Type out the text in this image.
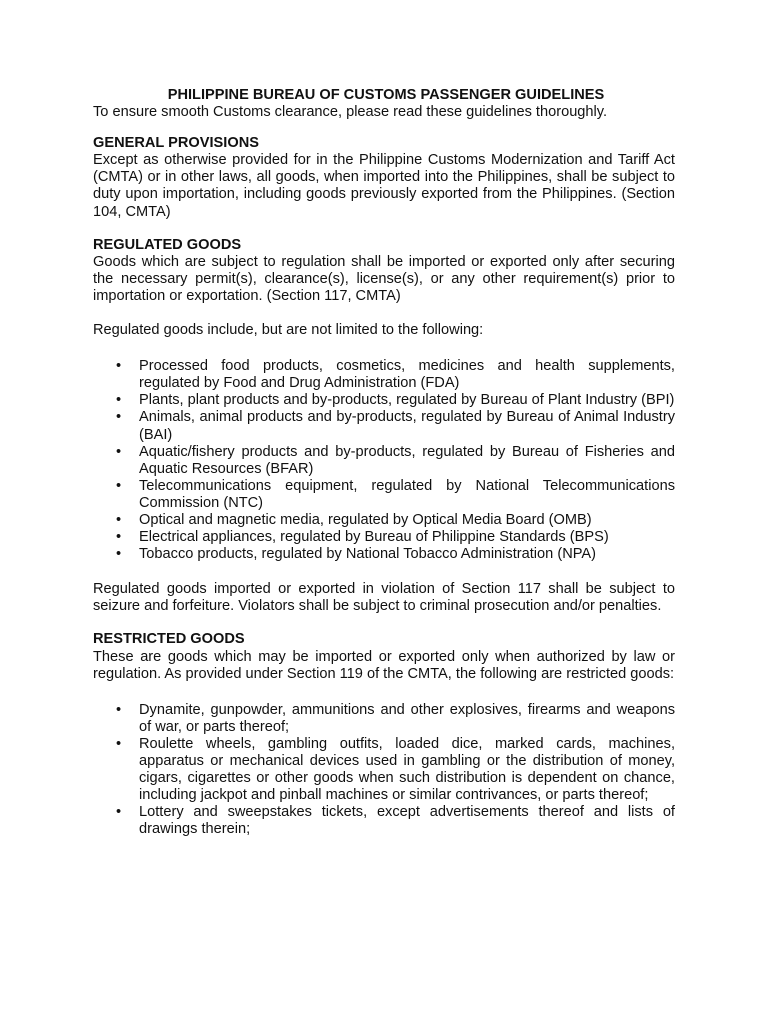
PHILIPPINE BUREAU OF CUSTOMS PASSENGER GUIDELINES

To ensure smooth Customs clearance, please read these guidelines thoroughly.

GENERAL PROVISIONS

Except as otherwise provided for in the Philippine Customs Modernization and Tariff Act (CMTA) or in other laws, all goods, when imported into the Philippines, shall be subject to duty upon importation, including goods previously exported from the Philippines. (Section 104, CMTA)

REGULATED GOODS

Goods which are subject to regulation shall be imported or exported only after securing the necessary permit(s), clearance(s), license(s), or any other requirement(s) prior to importation or exportation. (Section 117, CMTA)

Regulated goods include, but are not limited to the following:

• Processed food products, cosmetics, medicines and health supplements, regulated by Food and Drug Administration (FDA)
• Plants, plant products and by-products, regulated by Bureau of Plant Industry (BPI)
• Animals, animal products and by-products, regulated by Bureau of Animal Industry (BAI)
• Aquatic/fishery products and by-products, regulated by Bureau of Fisheries and Aquatic Resources (BFAR)
• Telecommunications equipment, regulated by National Telecommunications Commission (NTC)
• Optical and magnetic media, regulated by Optical Media Board (OMB)
• Electrical appliances, regulated by Bureau of Philippine Standards (BPS)
• Tobacco products, regulated by National Tobacco Administration (NPA)

Regulated goods imported or exported in violation of Section 117 shall be subject to seizure and forfeiture. Violators shall be subject to criminal prosecution and/or penalties.

RESTRICTED GOODS

These are goods which may be imported or exported only when authorized by law or regulation. As provided under Section 119 of the CMTA, the following are restricted goods:

• Dynamite, gunpowder, ammunitions and other explosives, firearms and weapons of war, or parts thereof;
• Roulette wheels, gambling outfits, loaded dice, marked cards, machines, apparatus or mechanical devices used in gambling or the distribution of money, cigars, cigarettes or other goods when such distribution is dependent on chance, including jackpot and pinball machines or similar contrivances, or parts thereof;
• Lottery and sweepstakes tickets, except advertisements thereof and lists of drawings therein;
